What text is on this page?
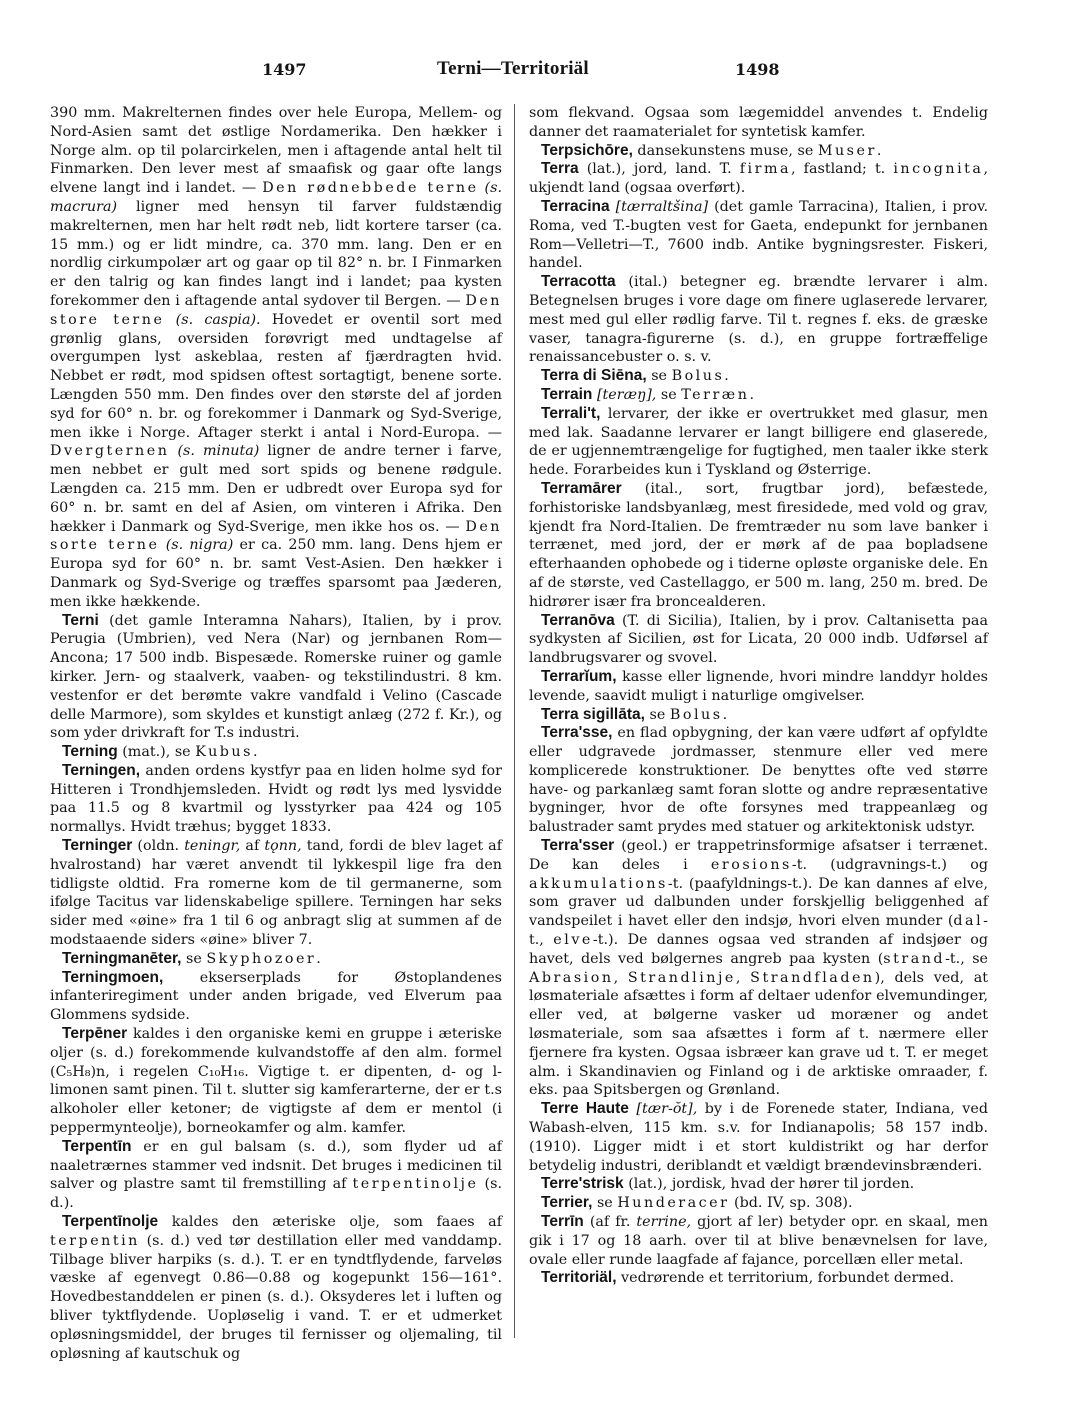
1497	Terni—Territoriäl	1498

390 mm. Makrelternen findes over hele Europa, Mellem- og Nord-Asien samt det østlige Nordamerika. Den hækker i Norge alm. op til polarcirkelen, men i aftagende antal helt til Finmarken. Den lever mest af smaafisk og gaar ofte langs elvene langt ind i landet. — Den rødnebbede terne (s. macrura) ligner med hensyn til farver fuldstændig makrelternen, men har helt rødt neb, lidt kortere tarser (ca. 15 mm.) og er lidt mindre, ca. 370 mm. lang. Den er en nordlig cirkumpolær art og gaar op til 82° n. br. I Finmarken er den talrig og kan findes langt ind i landet; paa kysten forekommer den i aftagende antal sydover til Bergen. — Den store terne (s. caspia). Hovedet er oventil sort med grønlig glans, oversiden forøvrigt med undtagelse af overgumpen lyst askeblaa, resten af fjærdragten hvid. Nebbet er rødt, mod spidsen oftest sortagtigt, benene sorte. Længden 550 mm. Den findes over den største del af jorden syd for 60° n. br. og forekommer i Danmark og Syd-Sverige, men ikke i Norge. Aftager sterkt i antal i Nord-Europa. — Dvergternen (s. minuta) ligner de andre terner i farve, men nebbet er gult med sort spids og benene rødgule. Længden ca. 215 mm. Den er udbredt over Europa syd for 60° n. br. samt en del af Asien, om vinteren i Afrika. Den hækker i Danmark og Syd-Sverige, men ikke hos os. — Den sorte terne (s. nigra) er ca. 250 mm. lang. Dens hjem er Europa syd for 60° n. br. samt Vest-Asien. Den hækker i Danmark og Syd-Sverige og træffes sparsomt paa Jæderen, men ikke hækkende.

Terni (det gamle Interamna Nahars), Italien, by i prov. Perugia (Umbrien), ved Nera (Nar) og jernbanen Rom—Ancona; 17 500 indb. Bispesæde. Romerske ruiner og gamle kirker. Jern- og staalverk, vaaben- og tekstilindustri. 8 km. vestenfor er det berømte vakre vandfald i Velino (Cascade delle Marmore), som skyldes et kunstigt anlæg (272 f. Kr.), og som yder drivkraft for T.s industri.

Terning (mat.), se Kubus.

Terningen, anden ordens kystfyr paa en liden holme syd for Hitteren i Trondhjemsleden. Hvidt og rødt lys med lysvidde paa 11.5 og 8 kvartmil og lysstyrker paa 424 og 105 normallys. Hvidt træhus; bygget 1833.

Terninger (oldn. teningr, af tǫnn, tand, fordi de blev laget af hvalrostand) har været anvendt til lykkespil lige fra den tidligste oldtid. Fra romerne kom de til germanerne, som ifølge Tacitus var lidenskabelige spillere. Terningen har seks sider med «øine» fra 1 til 6 og anbragt slig at summen af de modstaaende siders «øine» bliver 7.

Terningmanēter, se Skyphozoer.

Terningmoen, ekserserplads for Østoplandenes infanteriregiment under anden brigade, ved Elverum paa Glommens sydside.

Terpēner kaldes i den organiske kemi en gruppe i æteriske oljer (s. d.) forekommende kulvandstoffe af den alm. formel (C₅H₈)n, i regelen C₁₀H₁₆. Vigtige t. er dipenten, d- og l-limonen samt pinen. Til t. slutter sig kamferarterne, der er t.s alkoholer eller ketoner; de vigtigste af dem er mentol (i peppermynteolje), borneokamfer og alm. kamfer.

Terpentīn er en gul balsam (s. d.), som flyder ud af naaletrærnes stammer ved indsnit. Det bruges i medicinen til salver og plastre samt til fremstilling af terpentinolje (s. d.).

Terpentīnolje kaldes den æteriske olje, som faaes af terpentin (s. d.) ved tør destillation eller med vanddamp. Tilbage bliver harpiks (s. d.). T. er en tyndtflydende, farveløs væske af egenvegt 0.86—0.88 og kogepunkt 156—161°. Hovedbestanddelen er pinen (s. d.). Oksyderes let i luften og bliver tyktflydende. Uopløselig i vand. T. er et udmerket opløsningsmiddel, der bruges til fernisser og oljemaling, til opløsning af kautschuk og

som flekvand. Ogsaa som lægemiddel anvendes t. Endelig danner det raamaterialet for syntetisk kamfer.

Terpsichōre, dansekunstens muse, se Muser.

Terra (lat.), jord, land. T. firma, fastland; t. incognita, ukjendt land (ogsaa overført).

Terracina [tærraltšina] (det gamle Tarracina), Italien, i prov. Roma, ved T.-bugten vest for Gaeta, endepunkt for jernbanen Rom—Velletri—T., 7600 indb. Antike bygningsrester. Fiskeri, handel.

Terracotta (ital.) betegner eg. brændte lervarer i alm. Betegnelsen bruges i vore dage om finere uglaserede lervarer, mest med gul eller rødlig farve. Til t. regnes f. eks. de græske vaser, tanagra-figurerne (s. d.), en gruppe fortræffelige renaissancebuster o. s. v.

Terra di Siēna, se Bolus.

Terrain [teræŋ], se Terræn.

Terrali't, lervarer, der ikke er overtrukket med glasur, men med lak. Saadanne lervarer er langt billigere end glaserede, de er ugjennemtrængelige for fugtighed, men taaler ikke sterk hede. Forarbeides kun i Tyskland og Østerrige.

Terramārer (ital., sort, frugtbar jord), befæstede, forhistoriske landsbyanlæg, mest firesidede, med vold og grav, kjendt fra Nord-Italien. De fremtræder nu som lave banker i terrænet, med jord, der er mørk af de paa bopladsene efterhaanden ophobede og i tiderne opløste organiske dele. En af de største, ved Castellaggo, er 500 m. lang, 250 m. bred. De hidrører især fra broncealderen.

Terranōva (T. di Sicilia), Italien, by i prov. Caltanisetta paa sydkysten af Sicilien, øst for Licata, 20 000 indb. Udførsel af landbrugsvarer og svovel.

Terrarĭum, kasse eller lignende, hvori mindre landdyr holdes levende, saavidt muligt i naturlige omgivelser.

Terra sigillāta, se Bolus.

Terra'sse, en flad opbygning, der kan være udført af opfyldte eller udgravede jordmasser, stenmure eller ved mere komplicerede konstruktioner. De benyttes ofte ved større have- og parkanlæg samt foran slotte og andre repræsentative bygninger, hvor de ofte forsynes med trappeanlæg og balustrader samt prydes med statuer og arkitektonisk udstyr.

Terra'sser (geol.) er trappetrinsformige afsatser i terrænet. De kan deles i erosions-t. (udgravnings-t.) og akkumulations-t. (paafyldnings-t.). De kan dannes af elve, som graver ud dalbunden under forskjellig beliggenhed af vandspeilet i havet eller den indsjø, hvori elven munder (dal-t., elve-t.). De dannes ogsaa ved stranden af indsjøer og havet, dels ved bølgernes angreb paa kysten (strand-t., se Abrasion, Strandlinje, Strandfladen), dels ved, at løsmateriale afsættes i form af deltaer udenfor elvemundinger, eller ved, at bølgerne vasker ud moræner og andet løsmateriale, som saa afsættes i form af t. nærmere eller fjernere fra kysten. Ogsaa isbræer kan grave ud t. T. er meget alm. i Skandinavien og Finland og i de arktiske omraader, f. eks. paa Spitsbergen og Grønland.

Terre Haute [tær-ŏt], by i de Forenede stater, Indiana, ved Wabash-elven, 115 km. s.v. for Indianapolis; 58 157 indb. (1910). Ligger midt i et stort kuldistrikt og har derfor betydelig industri, deriblandt et vældigt brændevinsbrænderi.

Terre'strisk (lat.), jordisk, hvad der hører til jorden.

Terrier, se Hunderacer (bd. IV, sp. 308).

Terrīn (af fr. terrine, gjort af ler) betyder opr. en skaal, men gik i 17 og 18 aarh. over til at blive benævnelsen for lave, ovale eller runde laagfade af fajance, porcellæn eller metal.

Territoriäl, vedrørende et territorium, forbundet dermed.
